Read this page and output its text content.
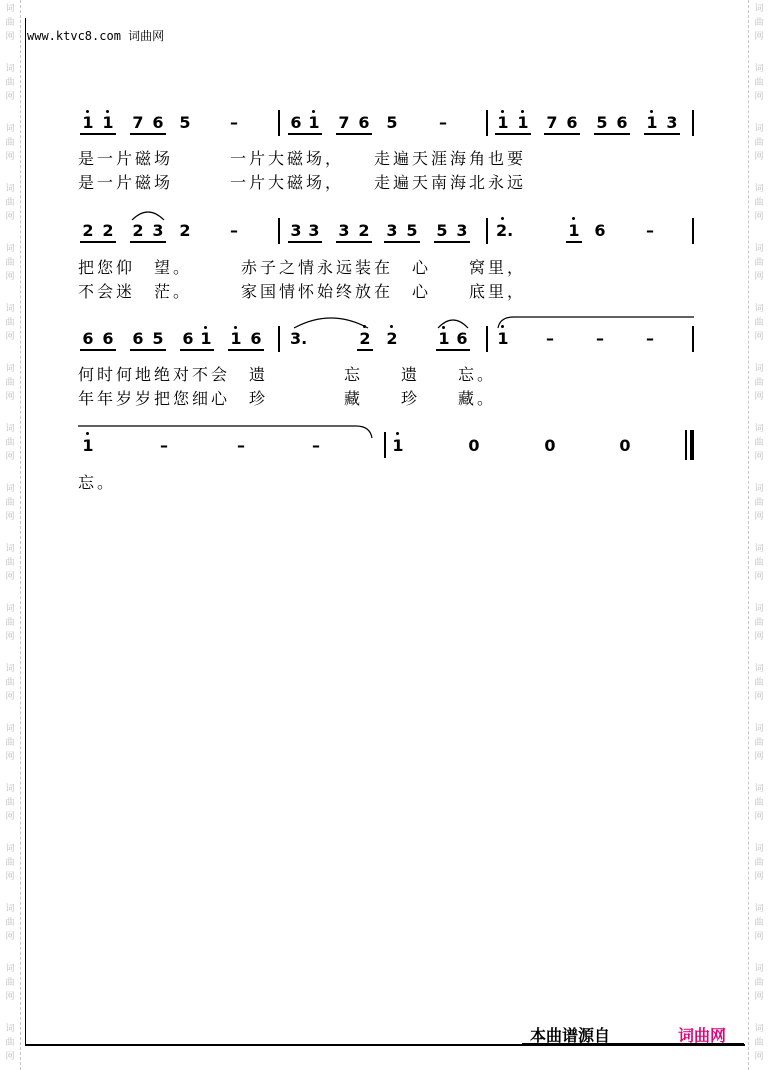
词
曲
网
词
曲
网
词
曲
网
词
曲
网
词
曲
网
词
曲
网
词
曲
网
词
曲
网
词
曲
网
词
曲
网
词
曲
网
词
曲
网
词
曲
网
词
曲
网
词
曲
网
词
曲
网
词
曲
网
词
曲
网
词
曲
网
词
曲
网
词
曲
网
词
曲
网
词
曲
网
词
曲
网
词
曲
网
词
曲
网
词
曲
网
词
曲
网
词
曲
网
词
曲
网
词
曲
网
词
曲
网
词
曲
网
词
曲
网
词
曲
网
词
曲
网
www.ktvc8.com 词曲网
1 1 7 6 5 –	6 1 7 6 5	–	1 1 7 6 5 6 1 3
是一片磁场　　　一片大磁场，　　走遍天涯海角也要
是一片磁场　　　一片大磁场，　　走遍天南海北永远
2 2 2 3 2 –	3 3 3 2 3 5 5 3 2.	1 6	–
把您仰　望。　　　赤子之情永远装在　心　　窝里，
不会迷　茫。　　　家国情怀始终放在　心　　底里，
6 6 6 5 6 1 1 6 3.	2 2	1 6 1 –	–	–
何时何地绝对不会　遗　　　　忘　　遗　　忘。
年年岁岁把您细心　珍　　　　藏　　珍　　藏。
1	–	–	–	1	0	0	0
忘。
本曲谱源自	词曲网
